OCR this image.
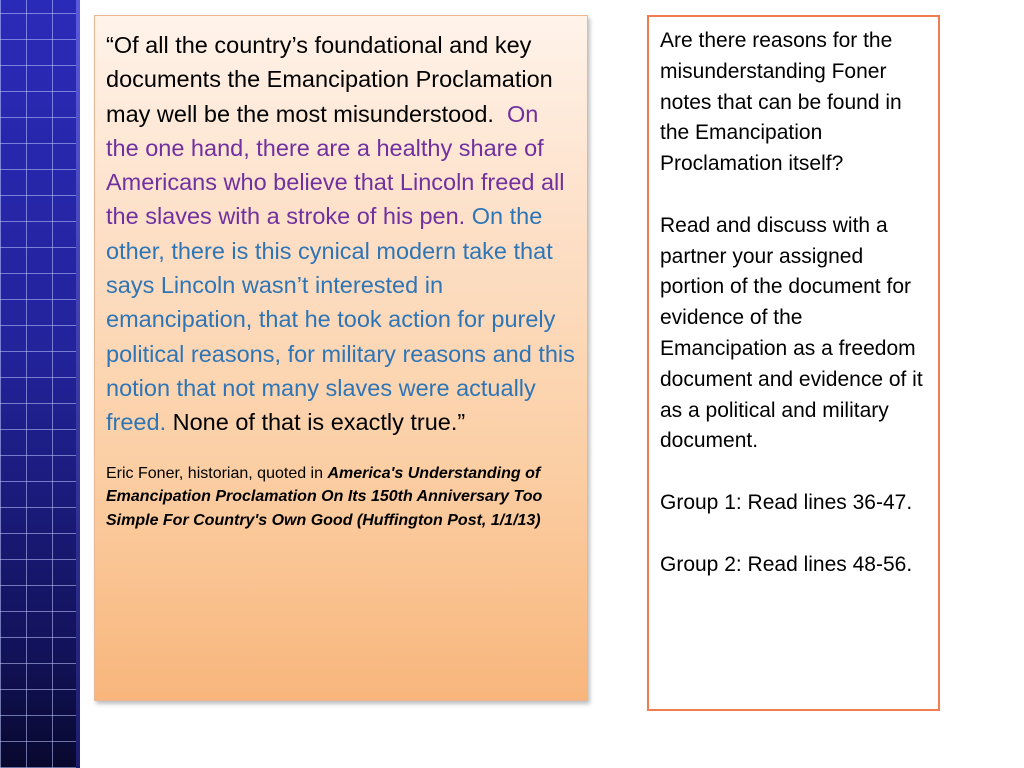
“Of all the country’s foundational and key documents the Emancipation Proclamation may well be the most misunderstood. On the one hand, there are a healthy share of Americans who believe that Lincoln freed all the slaves with a stroke of his pen. On the other, there is this cynical modern take that says Lincoln wasn’t interested in emancipation, that he took action for purely political reasons, for military reasons and this notion that not many slaves were actually freed. None of that is exactly true.”

Eric Foner, historian, quoted in America's Understanding of Emancipation Proclamation On Its 150th Anniversary Too Simple For Country's Own Good (Huffington Post, 1/1/13)

Are there reasons for the misunderstanding Foner notes that can be found in the Emancipation Proclamation itself?

Read and discuss with a partner your assigned portion of the document for evidence of the Emancipation as a freedom document and evidence of it as a political and military document.

Group 1: Read lines 36-47.

Group 2: Read lines 48-56.
